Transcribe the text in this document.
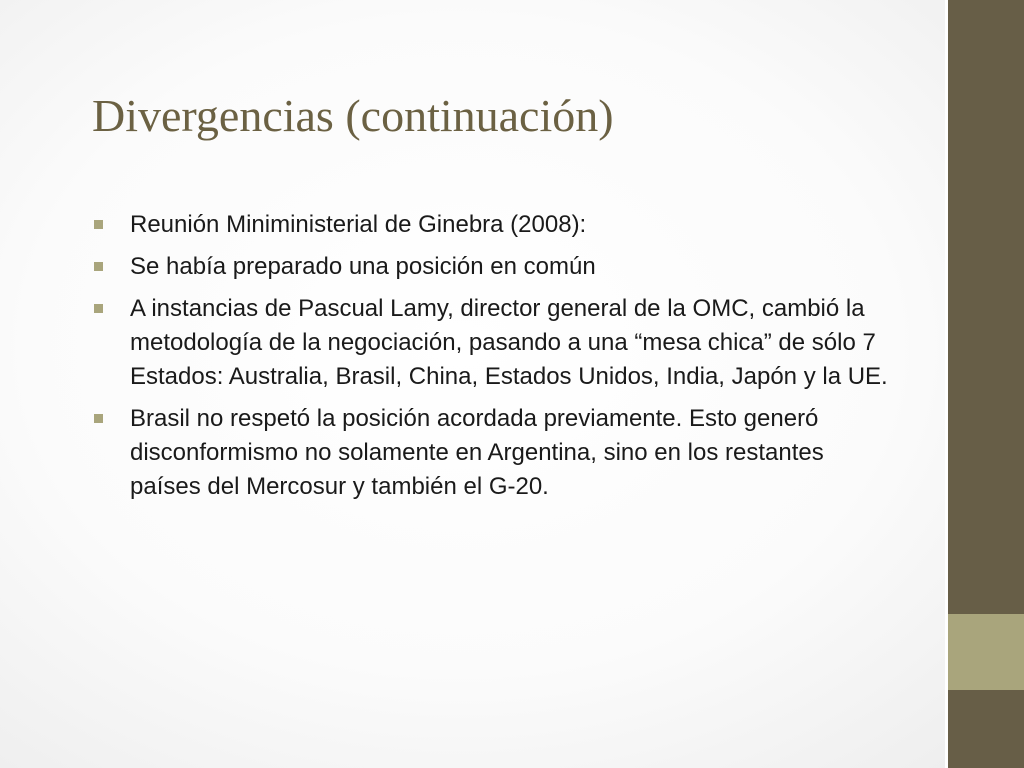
Divergencias (continuación)
Reunión Miniministerial de Ginebra (2008):
Se había preparado una posición en común
A instancias de Pascual Lamy, director general de la OMC, cambió la metodología de la negociación, pasando a una “mesa chica” de sólo 7 Estados: Australia, Brasil, China, Estados Unidos, India, Japón y la UE.
Brasil no respetó la posición acordada previamente. Esto generó disconformismo no solamente en Argentina, sino en los restantes países del Mercosur y también el G-20.
